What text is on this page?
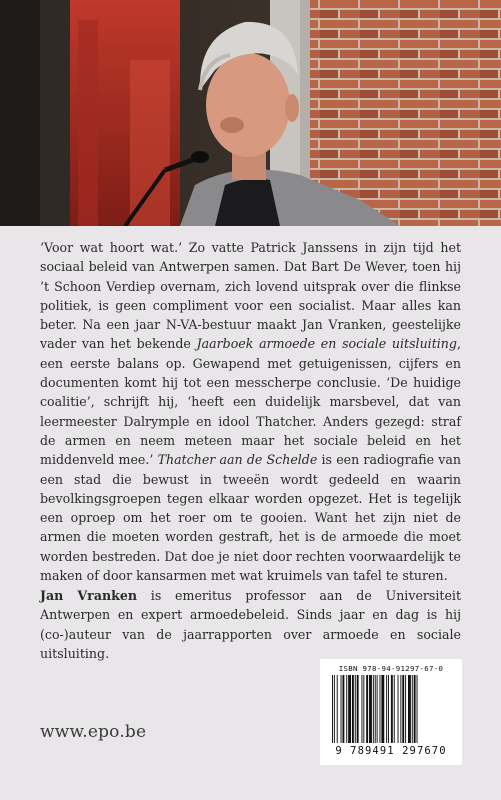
‘Voor wat hoort wat.’ Zo vatte Patrick Janssens in zijn tijd het sociaal beleid van Antwerpen samen. Dat Bart De Wever, toen hij ’t Schoon Verdiep overnam, zich lovend uitsprak over die flinkse politiek, is geen compliment voor een socialist. Maar alles kan beter. Na een jaar N-VA-bestuur maakt Jan Vranken, geestelijke vader van het bekende Jaarboek armoede en sociale uitsluiting, een eerste balans op. Gewapend met getuigenissen, cijfers en documenten komt hij tot een messcherpe conclusie. ‘De huidige coalitie’, schrijft hij, ‘heeft een duidelijk marsbevel, dat van leermeester Dalrymple en idool Thatcher. Anders gezegd: straf de armen en neem meteen maar het sociale beleid en het middenveld mee.’ Thatcher aan de Schelde is een radiografie van een stad die bewust in tweeën wordt gedeeld en waarin bevolkingsgroepen tegen elkaar worden opgezet. Het is tegelijk een oproep om het roer om te gooien. Want het zijn niet de armen die moeten worden gestraft, het is de armoede die moet worden bestreden. Dat doe je niet door rechten voorwaardelijk te maken of door kansarmen met wat kruimels van tafel te sturen.

Jan Vranken is emeritus professor aan de Universiteit Antwerpen en expert armoedebeleid. Sinds jaar en dag is hij (co-)auteur van de jaarrapporten over armoede en sociale uitsluiting.

www.epo.be
ISBN 978-94-91297-67-0
9 789491 297670
